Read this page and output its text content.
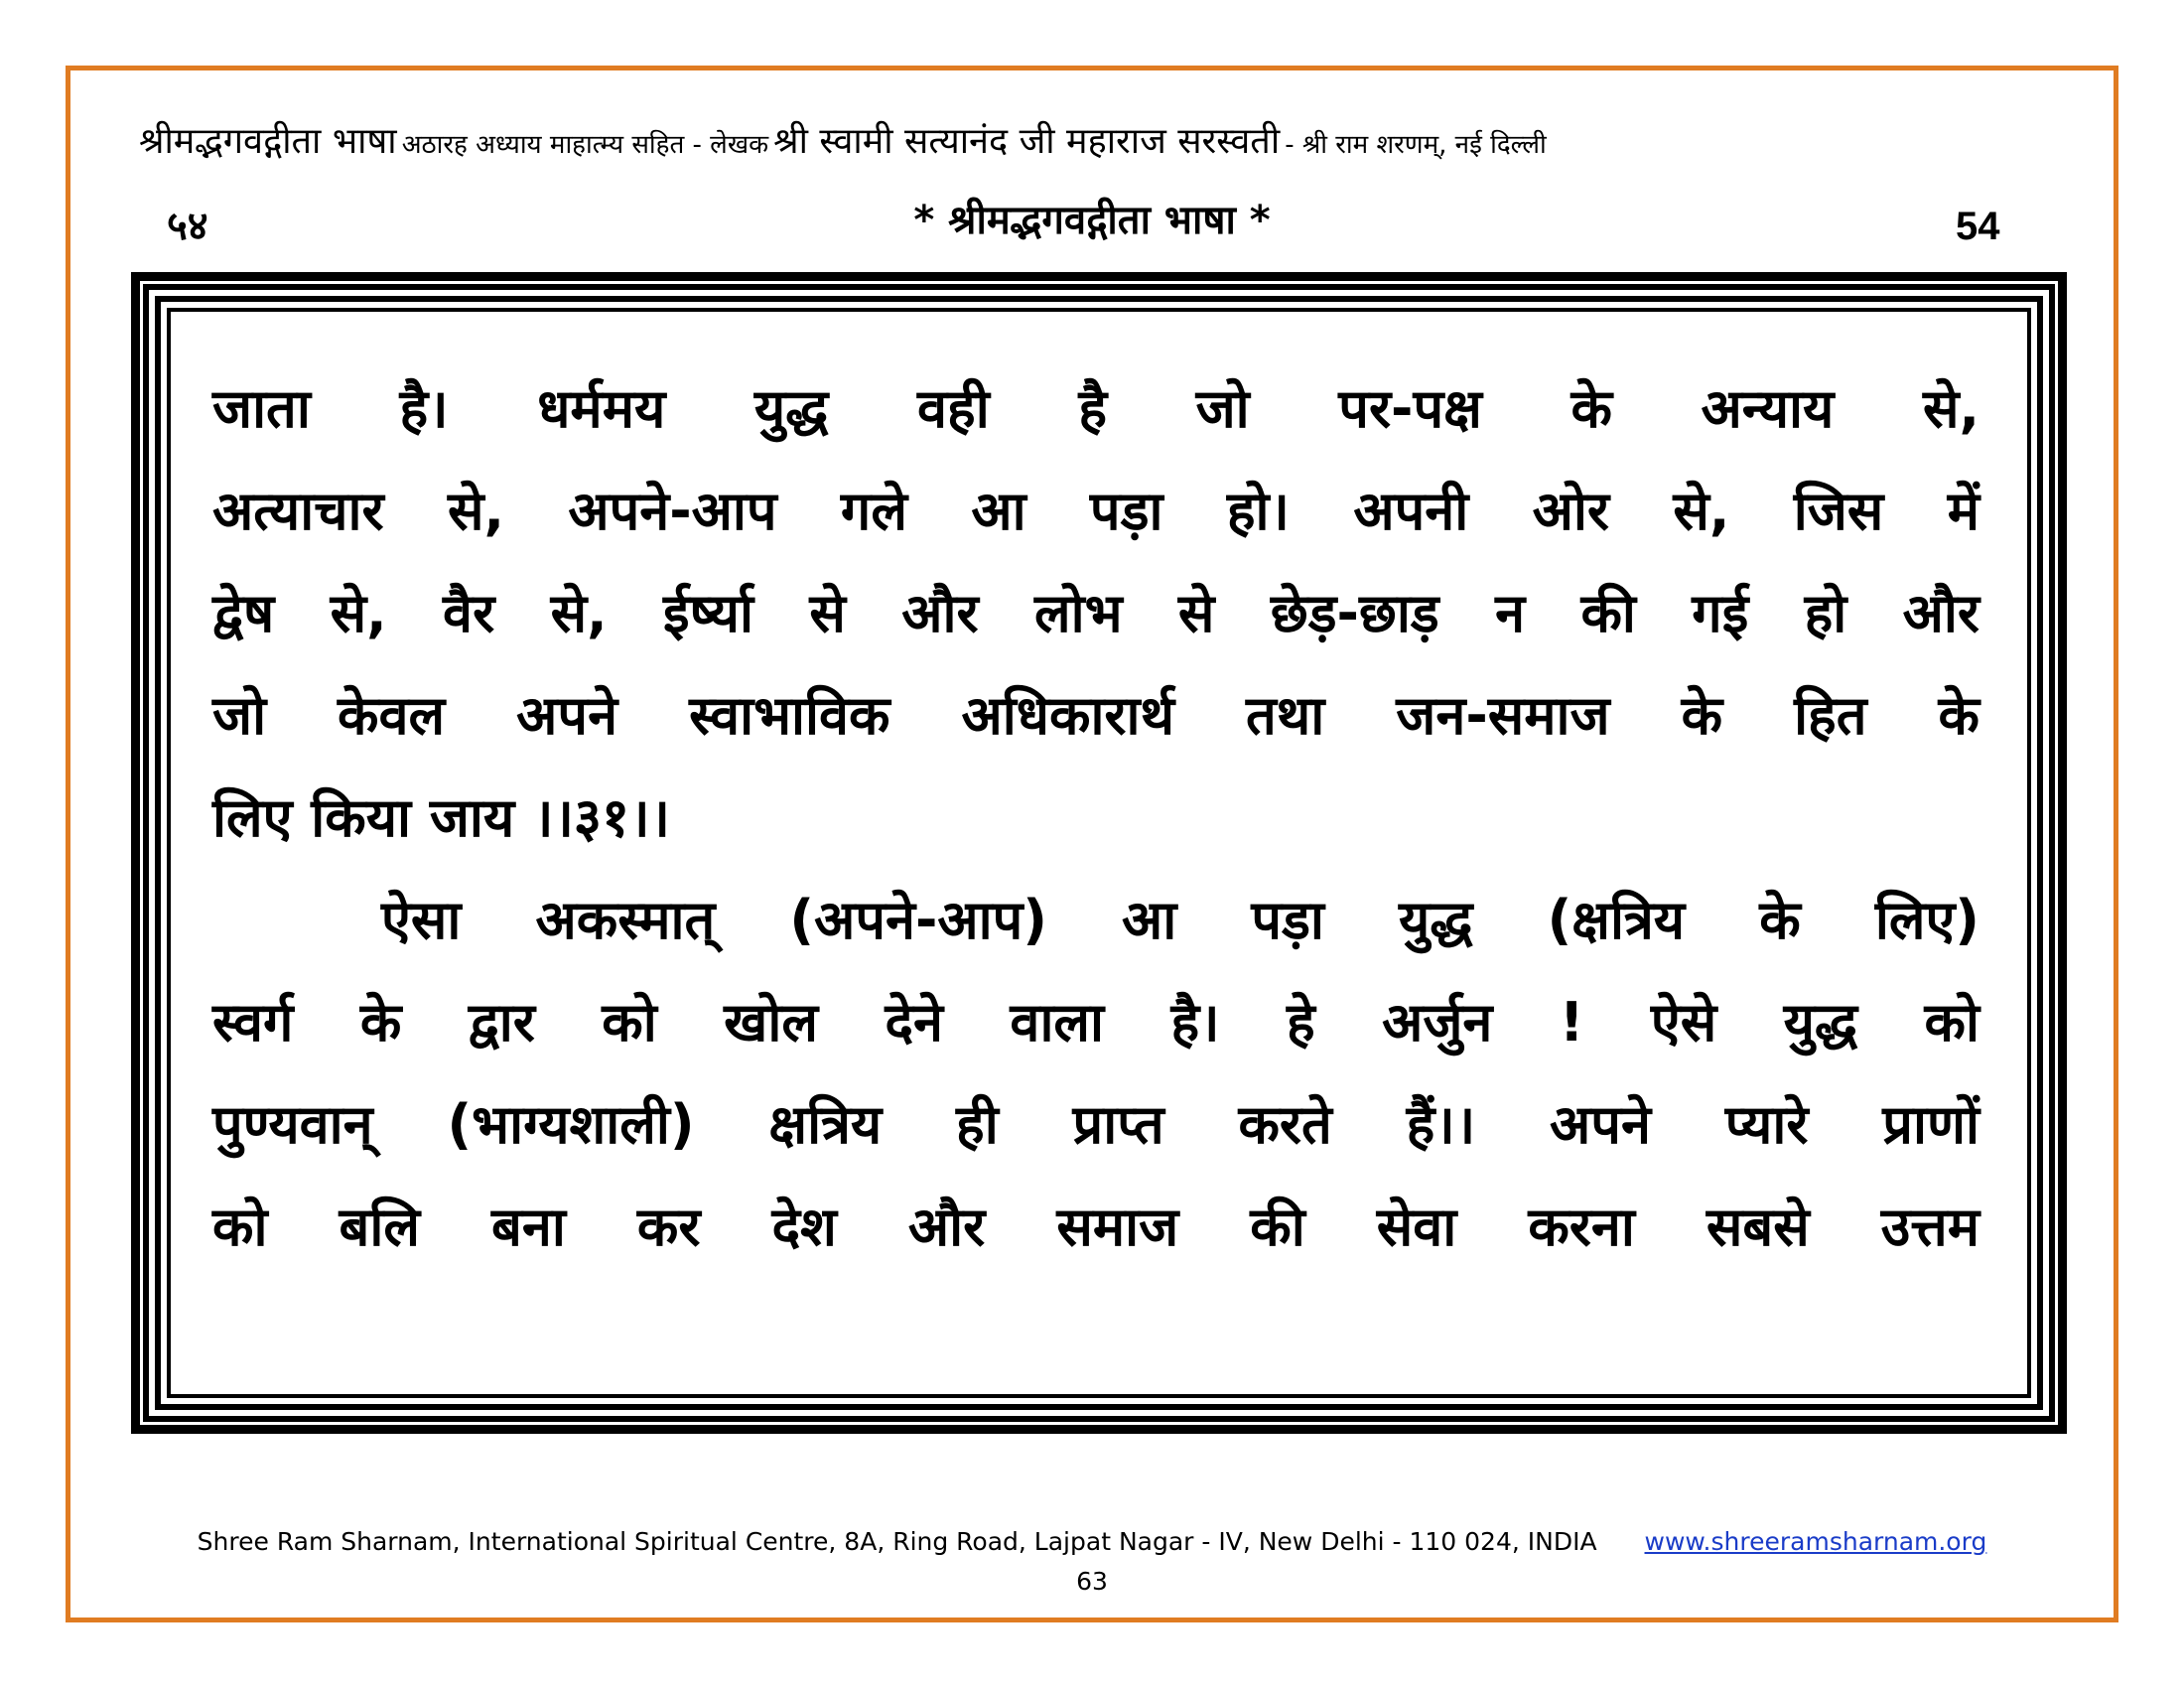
श्रीमद्भगवद्गीता भाषा अठारह अध्याय माहात्म्य सहित - लेखक श्री स्वामी सत्यानंद जी महाराज सरस्वती - श्री राम शरणम्, नई दिल्ली
५४	* श्रीमद्भगवद्गीता भाषा *	54
जाता है। धर्ममय युद्ध वही है जो पर-पक्ष के अन्याय से,
अत्याचार से, अपने-आप गले आ पड़ा हो। अपनी ओर से, जिस में
द्वेष से, वैर से, ईर्ष्या से और लोभ से छेड़-छाड़ न की गई हो और
जो केवल अपने स्वाभाविक अधिकारार्थ तथा जन-समाज के हित के
लिए किया जाय ।।३१।।
ऐसा अकस्मात् (अपने-आप) आ पड़ा युद्ध (क्षत्रिय के लिए)
स्वर्ग के द्वार को खोल देने वाला है। हे अर्जुन ! ऐसे युद्ध को
पुण्यवान् (भाग्यशाली) क्षत्रिय ही प्राप्त करते हैं।। अपने प्यारे प्राणों
को बलि बना कर देश और समाज की सेवा करना सबसे उत्तम
Shree Ram Sharnam, International Spiritual Centre, 8A, Ring Road, Lajpat Nagar - IV, New Delhi - 110 024, INDIA www.shreeramsharnam.org
63
